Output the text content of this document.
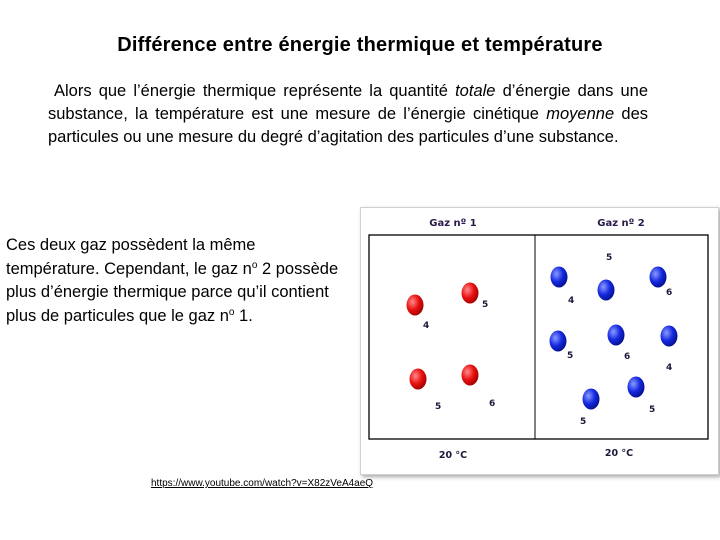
Différence entre énergie thermique et température
Alors que l’énergie thermique représente la quantité totale d’énergie dans une substance, la température est une mesure de l’énergie cinétique moyenne des particules ou une mesure du degré d’agitation des particules d’une substance.
Ces deux gaz possèdent la même température. Cependant, le gaz $n^o$ 2 possède plus d’énergie thermique parce qu’il contient plus de particules que le gaz $n^o$ 1.
Gaz nº 1	Gaz nº 2
4
5
5	6
5
4
6
5	6
4
5
5
20 °C	20 °C
https://www.youtube.com/watch?v=X82zVeA4aeQ
